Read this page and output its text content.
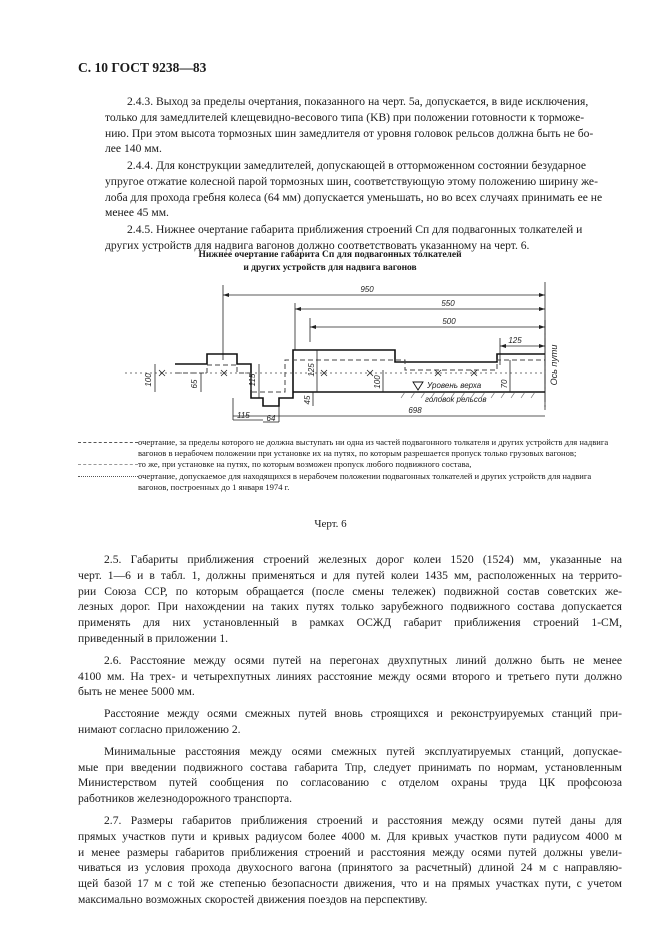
С. 10 ГОСТ 9238—83
2.4.3. Выход за пределы очертания, показанного на черт. 5а, допускается, в виде исключения,
только для замедлителей клещевидно-весового типа (KB) при положении готовности к торможе-
нию. При этом высота тормозных шин замедлителя от уровня головок рельсов должна быть не бо-
лее 140 мм.
2.4.4. Для конструкции замедлителей, допускающей в отторможенном состоянии безударное
упругое отжатие колесной парой тормозных шин, соответствующую этому положению ширину же-
лоба для прохода гребня колеса (64 мм) допускается уменьшать, но во всех случаях принимать ее не
менее 45 мм.
2.4.5. Нижнее очертание габарита приближения строений Сп для подвагонных толкателей и
других устройств для надвига вагонов должно соответствовать указанному на черт. 6.
Нижнее очертание габарита Сп для подвагонных толкателей
и других устройств для надвига вагонов
950
550
500
125
100	65	115
125
45
100	70
115 64
698
Ось пути
Уровень верха
головок рельсов
очертание, за пределы которого не должна выступать ни одна из частей подвагонного толкателя и других устройств для надвига вагонов в нерабочем положении при установке их на путях, по которым разрешается пропуск только грузовых вагонов;
то же, при установке на путях, по которым возможен пропуск любого подвижного состава,
очертание, допускаемое для находящихся в нерабочем положении подвагонных толкателей и других устройств для надвига вагонов, построенных до 1 января 1974 г.
Черт. 6

2.5. Габариты приближения строений железных дорог колеи 1520 (1524) мм, указанные на
черт. 1—6 и в табл. 1, должны применяться и для путей колеи 1435 мм, расположенных на террито-
рии Союза ССР, по которым обращается (после смены тележек) подвижной состав советских же-
лезных дорог. При нахождении на таких путях только зарубежного подвижного состава допускается
применять для них установленный в рамках ОСЖД габарит приближения строений 1-СМ,
приведенный в приложении 1.

2.6. Расстояние между осями путей на перегонах двухпутных линий должно быть не менее
4100 мм. На трех- и четырехпутных линиях расстояние между осями второго и третьего пути должно
быть не менее 5000 мм.

Расстояние между осями смежных путей вновь строящихся и реконструируемых станций при-
нимают согласно приложению 2.

Минимальные расстояния между осями смежных путей эксплуатируемых станций, допускае-
мые при введении подвижного состава габарита Тпр, следует принимать по нормам, установленным
Министерством путей сообщения по согласованию с отделом охраны труда ЦК профсоюза
работников железнодорожного транспорта.

2.7. Размеры габаритов приближения строений и расстояния между осями путей даны для
прямых участков пути и кривых радиусом более 4000 м. Для кривых участков пути радиусом 4000 м
и менее размеры габаритов приближения строений и расстояния между осями путей должны увели-
чиваться из условия прохода двухосного вагона (принятого за расчетный) длиной 24 м с направляю-
щей базой 17 м с той же степенью безопасности движения, что и на прямых участках пути, с учетом
максимально возможных скоростей движения поездов на перспективу.
